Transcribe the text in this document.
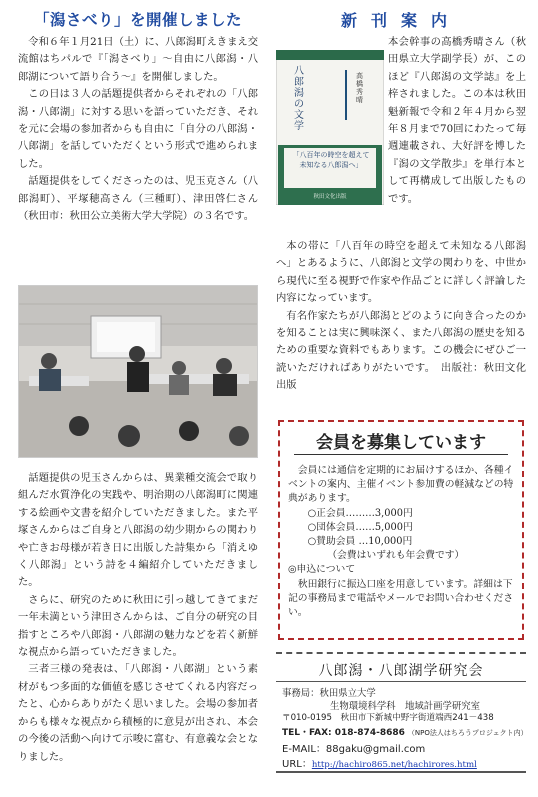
「潟さべり」を開催しました

令和６年１月21日（土）に、八郎潟町えきまえ交流館はちパルで『「潟さべり」～自由に八郎潟・八郎湖について語り合う～』を開催しました。

この日は３人の話題提供者からそれぞれの「八郎潟・八郎湖」に対する思いを語っていただき、それを元に会場の参加者からも自由に「自分の八郎潟・八郎湖」を話していただくという形式で進められました。

話題提供をしてくださったのは、児玉克さん（八郎潟町）、平塚穂高さん（三種町）、津田啓仁さん（秋田市：秋田公立美術大学大学院）の３名です。

話題提供の児玉さんからは、異業種交流会で取り組んだ水質浄化の実践や、明治期の八郎潟町に関連する絵画や文書を紹介していただきました。また平塚さんからはご自身と八郎潟の幼少期からの関わりや亡きお母様が若き日に出版した詩集から「消えゆく八郎潟」という詩を４編紹介していただきました。

さらに、研究のために秋田に引っ越してきてまだ一年未満という津田さんからは、ご自分の研究の目指すところや八郎潟・八郎湖の魅力などを若く新鮮な視点から語っていただきました。

三者三様の発表は、「八郎潟・八郎湖」という素材がもつ多面的な価値を感じさせてくれる内容だったと、心からありがたく思いました。会場の参加者からも様々な視点から積極的に意見が出され、本会の今後の活動へ向けて示唆に富む、有意義な会となりました。

新刊案内
八郎潟の文学
高橋秀晴
「八百年の時空を超えて
未知なる八郎潟へ」
秋田文化出版

本会幹事の高橋秀晴さん（秋田県立大学副学長）が、このほど『八郎潟の文学誌』を上梓されました。この本は秋田魁新報で令和２年４月から翌年８月まで70回にわたって毎週連載され、大好評を博した『潟の文学散歩』を単行本として再構成して出版したものです。

本の帯に「八百年の時空を超えて未知なる八郎潟へ」とあるように、八郎潟と文学の関わりを、中世から現代に至る視野で作家や作品ごとに詳しく評論した内容になっています。

有名作家たちが八郎潟とどのように向き合ったのかを知ることは実に興味深く、また八郎潟の歴史を知るための重要な資料でもあります。この機会にぜひご一読いただければありがたいです。　出版社：秋田文化出版

会員を募集しています

会員には通信を定期的にお届けするほか、各種イベントの案内、主催イベント参加費の軽減などの特典があります。

○正会員………3,000円

○団体会員……5,000円

○賛助会員 …10,000円

（会費はいずれも年会費です）

◎申込について

秋田銀行に振込口座を用意しています。詳細は下記の事務局まで電話やメールでお問い合わせください。

八郎潟・八郎湖学研究会
事務局：秋田県立大学
生物環境科学科　地域計画学研究室
〒010-0195　秋田市下新城中野字街道端西241－438
TEL・FAX: 018-874-8686 （NPO法人はちろうプロジェクト内）
E-MAIL：88gaku@gmail.com
URL：http://hachiro865.net/hachirores.html
